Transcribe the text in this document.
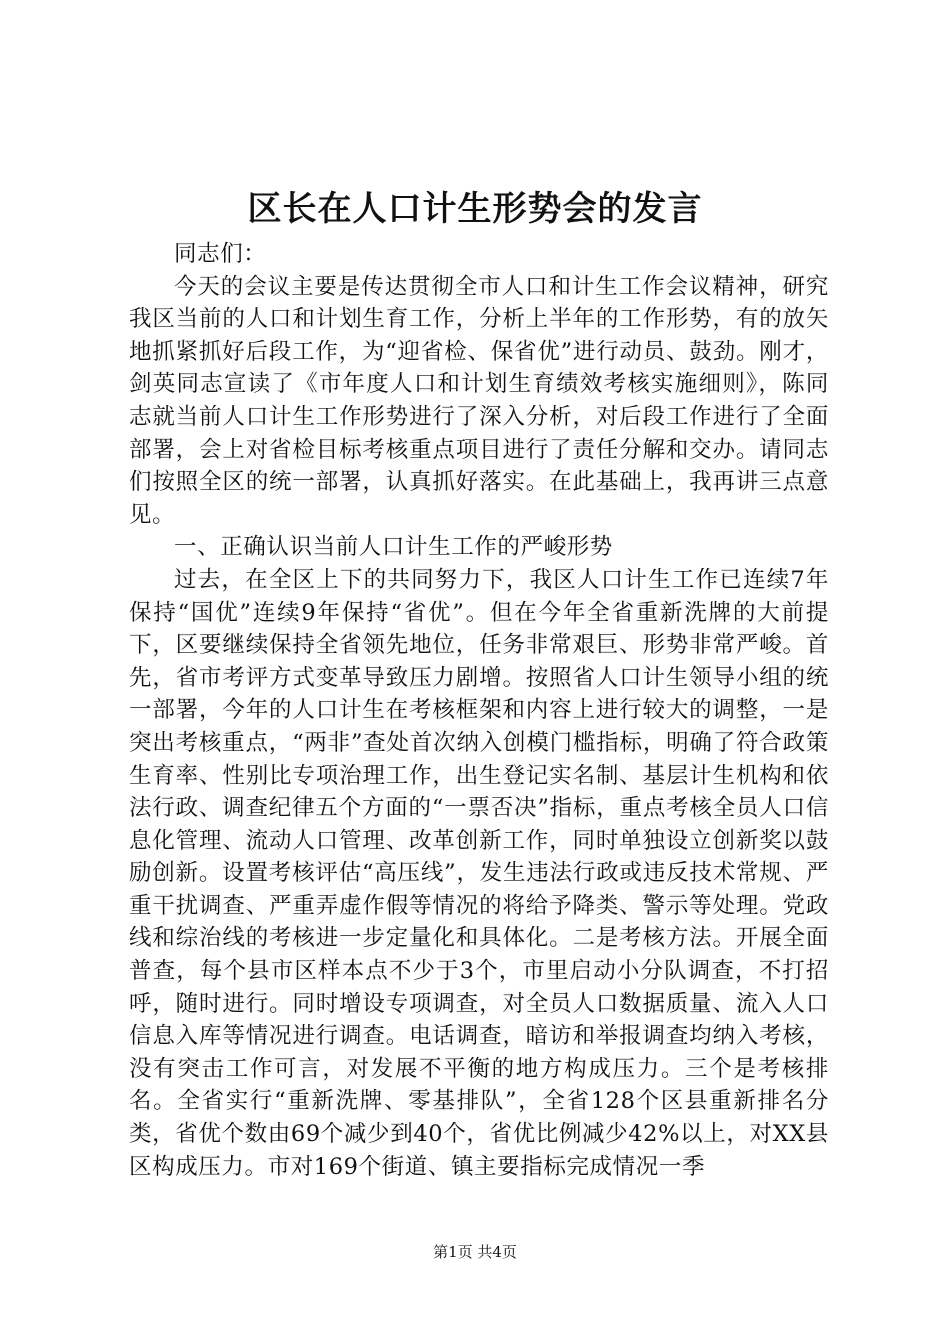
区长在人口计生形势会的发言

同志们：

今天的会议主要是传达贯彻全市人口和计生工作会议精神，研究我区当前的人口和计划生育工作，分析上半年的工作形势，有的放矢地抓紧抓好后段工作，为“迎省检、保省优”进行动员、鼓劲。刚才，剑英同志宣读了《市年度人口和计划生育绩效考核实施细则》，陈同志就当前人口计生工作形势进行了深入分析，对后段工作进行了全面部署，会上对省检目标考核重点项目进行了责任分解和交办。请同志们按照全区的统一部署，认真抓好落实。在此基础上，我再讲三点意见。

一、正确认识当前人口计生工作的严峻形势

过去，在全区上下的共同努力下，我区人口计生工作已连续7年保持“国优”连续9年保持“省优”。但在今年全省重新洗牌的大前提下，区要继续保持全省领先地位，任务非常艰巨、形势非常严峻。首先，省市考评方式变革导致压力剧增。按照省人口计生领导小组的统一部署，今年的人口计生在考核框架和内容上进行较大的调整，一是突出考核重点，“两非”查处首次纳入创模门槛指标，明确了符合政策生育率、性别比专项治理工作，出生登记实名制、基层计生机构和依法行政、调查纪律五个方面的“一票否决”指标，重点考核全员人口信息化管理、流动人口管理、改革创新工作，同时单独设立创新奖以鼓励创新。设置考核评估“高压线”，发生违法行政或违反技术常规、严重干扰调查、严重弄虚作假等情况的将给予降类、警示等处理。党政线和综治线的考核进一步定量化和具体化。二是考核方法。开展全面普查，每个县市区样本点不少于3个，市里启动小分队调查，不打招呼，随时进行。同时增设专项调查，对全员人口数据质量、流入人口信息入库等情况进行调查。电话调查，暗访和举报调查均纳入考核，没有突击工作可言，对发展不平衡的地方构成压力。三个是考核排名。全省实行“重新洗牌、零基排队”，全省128个区县重新排名分类，省优个数由69个减少到40个，省优比例减少42%以上，对XX县区构成压力。市对169个街道、镇主要指标完成情况一季

第1页 共4页
